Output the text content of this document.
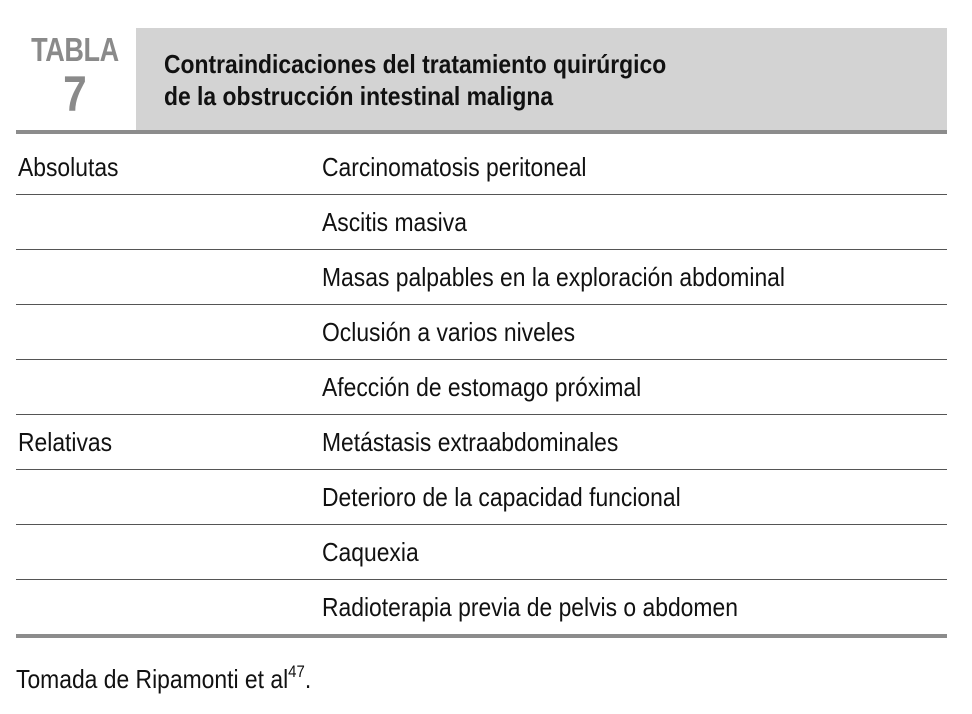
TABLA
7
Contraindicaciones del tratamiento quirúrgico
de la obstrucción intestinal maligna
Absolutas	Carcinomatosis peritoneal
Ascitis masiva
Masas palpables en la exploración abdominal
Oclusión a varios niveles
Afección de estomago próximal
Relativas	Metástasis extraabdominales
Deterioro de la capacidad funcional
Caquexia
Radioterapia previa de pelvis o abdomen
Tomada de Ripamonti et $al^{47}$.
